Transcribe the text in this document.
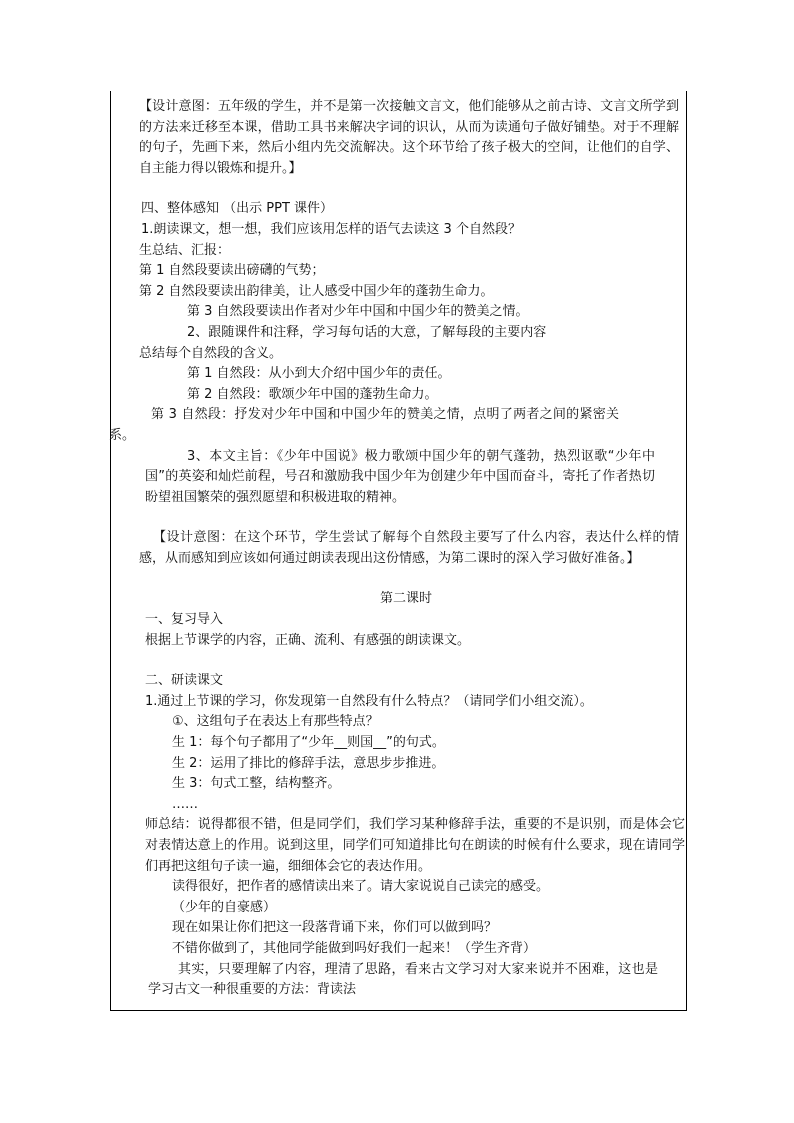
【设计意图：五年级的学生，并不是第一次接触文言文，他们能够从之前古诗、文言文所学到的方法来迁移至本课，借助工具书来解决字词的识认，从而为读通句子做好铺垫。对于不理解的句子，先画下来，然后小组内先交流解决。这个环节给了孩子极大的空间，让他们的自学、自主能力得以锻炼和提升。】

四、整体感知 （出示 PPT 课件）

1.朗读课文，想一想，我们应该用怎样的语气去读这 3 个自然段？

生总结、汇报：

第 1 自然段要读出磅礴的气势；

第 2 自然段要读出韵律美，让人感受中国少年的蓬勃生命力。

第 3 自然段要读出作者对少年中国和中国少年的赞美之情。

2、跟随课件和注释，学习每句话的大意，了解每段的主要内容

总结每个自然段的含义。

第 1 自然段：从小到大介绍中国少年的责任。

第 2 自然段：歌颂少年中国的蓬勃生命力。

第 3 自然段：抒发对少年中国和中国少年的赞美之情，点明了两者之间的紧密关系。

3、本文主旨：《少年中国说》极力歌颂中国少年的朝气蓬勃，热烈讴歌“少年中国”的英姿和灿烂前程，号召和激励我中国少年为创建少年中国而奋斗，寄托了作者热切盼望祖国繁荣的强烈愿望和积极进取的精神。

【设计意图：在这个环节，学生尝试了解每个自然段主要写了什么内容，表达什么样的情感，从而感知到应该如何通过朗读表现出这份情感，为第二课时的深入学习做好准备。】

第二课时

一、复习导入

根据上节课学的内容，正确、流利、有感强的朗读课文。

二、研读课文

1.通过上节课的学习，你发现第一自然段有什么特点？（请同学们小组交流）。

①、这组句子在表达上有那些特点？

生 1：每个句子都用了“少年__则国__”的句式。

生 2：运用了排比的修辞手法，意思步步推进。

生 3：句式工整，结构整齐。

……

师总结：说得都很不错，但是同学们，我们学习某种修辞手法，重要的不是识别，而是体会它对表情达意上的作用。说到这里，同学们可知道排比句在朗读的时候有什么要求，现在请同学们再把这组句子读一遍，细细体会它的表达作用。

读得很好，把作者的感情读出来了。请大家说说自己读完的感受。

（少年的自豪感）

现在如果让你们把这一段落背诵下来，你们可以做到吗？

不错你做到了，其他同学能做到吗好我们一起来！（学生齐背）

其实，只要理解了内容，理清了思路，看来古文学习对大家来说并不困难，这也是学习古文一种很重要的方法：背读法
